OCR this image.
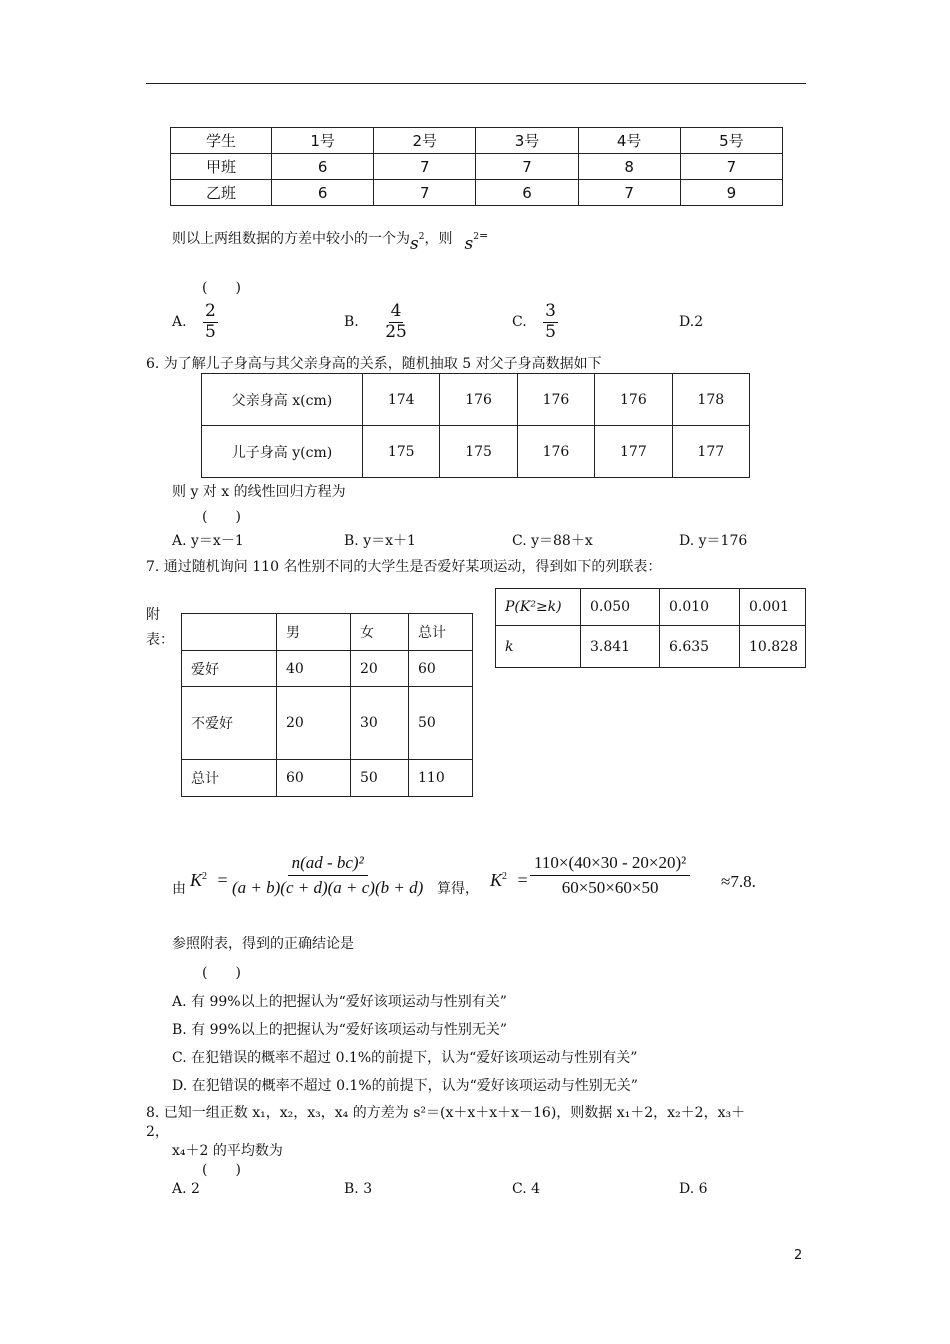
学生	1号	2号	3号	4号	5号
甲班	6	7	7	8	7
乙班	6	7	6	7	9
则以上两组数据的方差中较小的一个为$s^2$，则 $s^{2=}$
(　　)
A. $\frac{2}{5}$	B. $\frac{4}{25}$	C. $\frac{3}{5}$	D.2
6. 为了解儿子身高与其父亲身高的关系，随机抽取 5 对父子身高数据如下
父亲身高 x(cm)	174	176	176	176	178
儿子身高 y(cm)	175	175	176	177	177
则 y 对 x 的线性回归方程为
(　　)
A. y＝x－1	B. y＝x＋1	C. y＝88＋x	D. y＝176
7. 通过随机询问 110 名性别不同的大学生是否爱好某项运动，得到如下的列联表：
附
表：
		男	女	总计
爱好	40	20	60
不爱好	20	30	50
总计	60	50	110
P(K²≥k)	0.050	0.010	0.001
k	3.841	6.635	10.828
由 $K^2 = \frac{\text{n(ad - bc)²}}{(a + b)(c + d)(a + c)(b + d)}$ 算得， $K^2 = \frac{\text{110×(40×30 - 20×20)²}}{60\times 50\times 60\times 50} \approx 7.8$.
参照附表，得到的正确结论是
(　　)
A. 有 99%以上的把握认为“爱好该项运动与性别有关”
B. 有 99%以上的把握认为“爱好该项运动与性别无关”
C. 在犯错误的概率不超过 0.1%的前提下，认为“爱好该项运动与性别有关”
D. 在犯错误的概率不超过 0.1%的前提下，认为“爱好该项运动与性别无关”
8. 已知一组正数 x₁，x₂，x₃，x₄ 的方差为 s²＝(x＋x＋x＋x－16)，则数据 x₁＋2，x₂＋2，x₃＋
2，
x₄＋2 的平均数为
(　　)
A. 2	B. 3	C. 4	D. 6
2
